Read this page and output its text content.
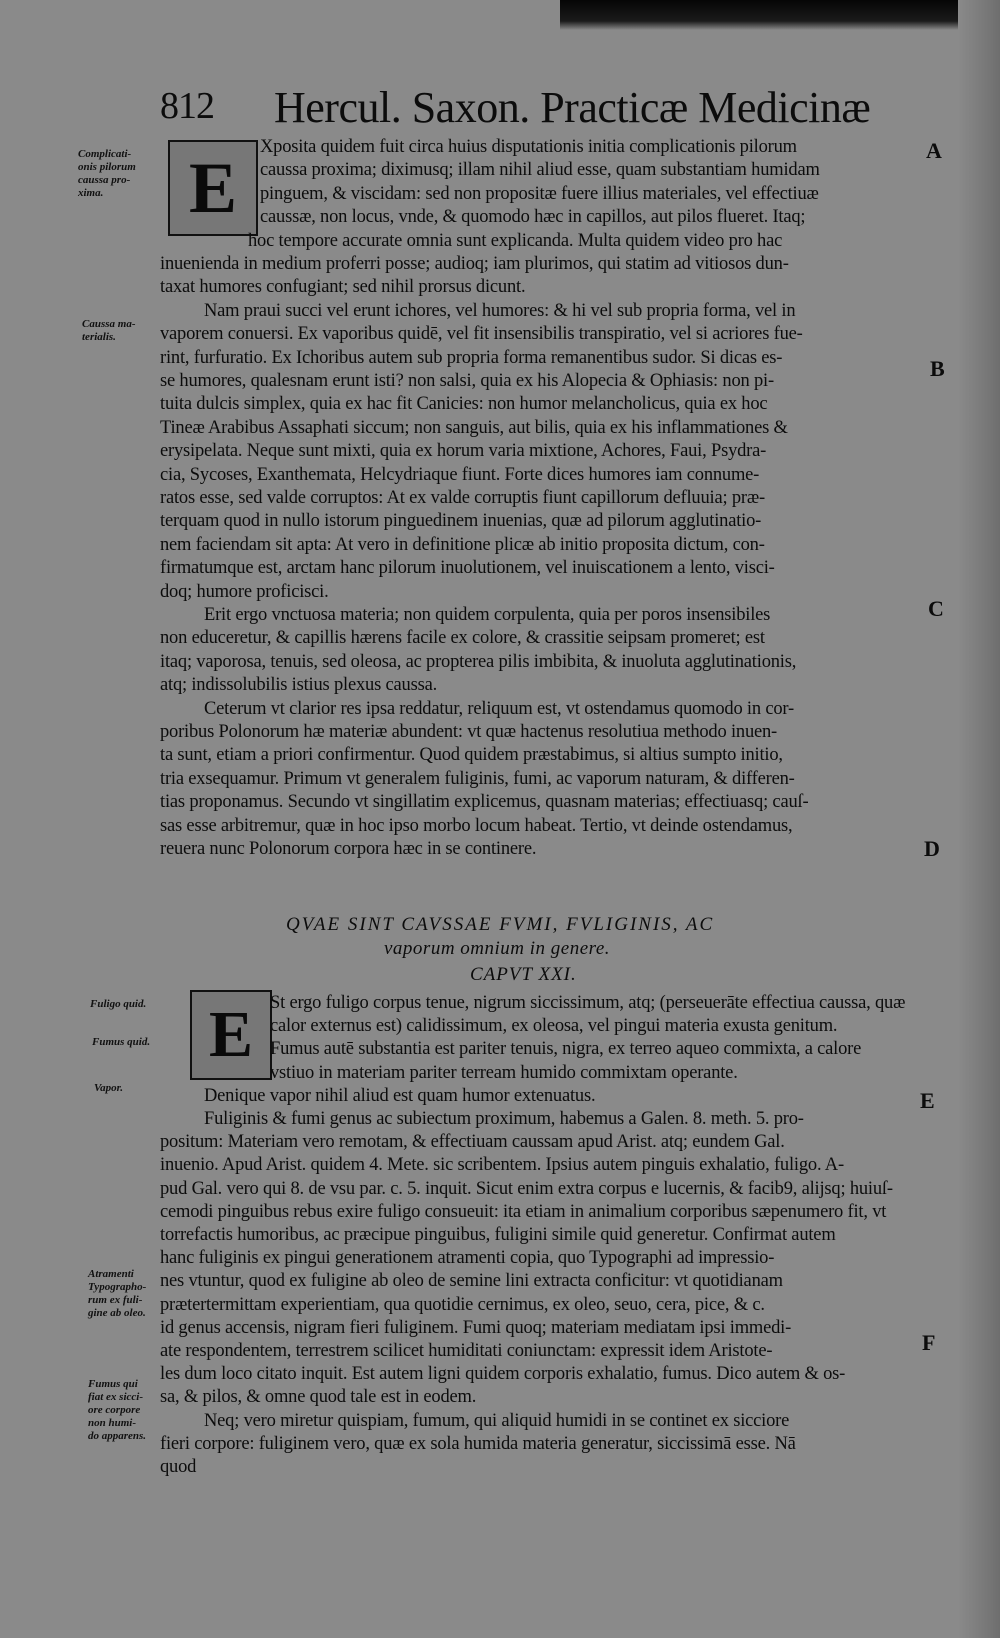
812 Hercul. Saxon. Practicæ Medicinæ
Complicati-
onis pilorum
caussa pro-
xima.
Caussa ma-
terialis.
Fuligo quid.
Fumus quid.
Vapor.
Atramenti
Typographo-
rum ex fuli-
gine ab oleo.
Fumus qui
fiat ex sicci-
ore corpore
non humi-
do apparens.
A
B
C
D
E
F
E
E
QVAE SINT CAVSSAE FVMI, FVLIGINIS, AC
vaporum omnium in genere.
CAPVT XXI.
Xposita quidem fuit circa huius disputationis initia complicationis pilorum
caussa proxima; diximusq; illam nihil aliud esse, quam substantiam humidam
pinguem, & viscidam: sed non propositæ fuere illius materiales, vel effectiuæ
caussæ, non locus, vnde, & quomodo hæc in capillos, aut pilos flueret. Itaq;
hoc tempore accurate omnia sunt explicanda. Multa quidem video pro hac
inuenienda in medium proferri posse; audioq; iam plurimos, qui statim ad vitiosos dun-
taxat humores confugiant; sed nihil prorsus dicunt.
Nam praui succi vel erunt ichores, vel humores: & hi vel sub propria forma, vel in
vaporem conuersi. Ex vaporibus quidē, vel fit insensibilis transpiratio, vel si acriores fue-
rint, furfuratio. Ex Ichoribus autem sub propria forma remanentibus sudor. Si dicas es-
se humores, qualesnam erunt isti? non salsi, quia ex his Alopecia & Ophiasis: non pi-
tuita dulcis simplex, quia ex hac fit Canicies: non humor melancholicus, quia ex hoc
Tineæ Arabibus Assaphati siccum; non sanguis, aut bilis, quia ex his inflammationes &
erysipelata. Neque sunt mixti, quia ex horum varia mixtione, Achores, Faui, Psydra-
cia, Sycoses, Exanthemata, Helcydriaque fiunt. Forte dices humores iam connume-
ratos esse, sed valde corruptos: At ex valde corruptis fiunt capillorum defluuia; præ-
terquam quod in nullo istorum pinguedinem inuenias, quæ ad pilorum agglutinatio-
nem faciendam sit apta: At vero in definitione plicæ ab initio proposita dictum, con-
firmatumque est, arctam hanc pilorum inuolutionem, vel inuiscationem a lento, visci-
doq; humore proficisci.
Erit ergo vnctuosa materia; non quidem corpulenta, quia per poros insensibiles
non educeretur, & capillis hærens facile ex colore, & crassitie seipsam promeret; est
itaq; vaporosa, tenuis, sed oleosa, ac propterea pilis imbibita, & inuoluta agglutinationis,
atq; indissolubilis istius plexus caussa.
Ceterum vt clarior res ipsa reddatur, reliquum est, vt ostendamus quomodo in cor-
poribus Polonorum hæ materiæ abundent: vt quæ hactenus resolutiua methodo inuen-
ta sunt, etiam a priori confirmentur. Quod quidem præstabimus, si altius sumpto initio,
tria exsequamur. Primum vt generalem fuliginis, fumi, ac vaporum naturam, & differen-
tias proponamus. Secundo vt singillatim explicemus, quasnam materias; effectiuasq; cauſ-
sas esse arbitremur, quæ in hoc ipso morbo locum habeat. Tertio, vt deinde ostendamus,
reuera nunc Polonorum corpora hæc in se continere.
St ergo fuligo corpus tenue, nigrum siccissimum, atq; (perseuerāte effectiua caussa, quæ
calor externus est) calidissimum, ex oleosa, vel pingui materia exusta genitum.
Fumus autē substantia est pariter tenuis, nigra, ex terreo aqueo commixta, a calore
vstiuo in materiam pariter terream humido commixtam operante.
Denique vapor nihil aliud est quam humor extenuatus.
Fuliginis & fumi genus ac subiectum proximum, habemus a Galen. 8. meth. 5. pro-
positum: Materiam vero remotam, & effectiuam caussam apud Arist. atq; eundem Gal.
inuenio. Apud Arist. quidem 4. Mete. sic scribentem. Ipsius autem pinguis exhalatio, fuligo. A-
pud Gal. vero qui 8. de vsu par. c. 5. inquit. Sicut enim extra corpus e lucernis, & facib9, alijsq; huiuſ-
cemodi pinguibus rebus exire fuligo consueuit: ita etiam in animalium corporibus sæpenumero fit, vt
torrefactis humoribus, ac præcipue pinguibus, fuligini simile quid generetur. Confirmat autem
hanc fuliginis ex pingui generationem atramenti copia, quo Typographi ad impressio-
nes vtuntur, quod ex fuligine ab oleo de semine lini extracta conficitur: vt quotidianam
prætertermittam experientiam, qua quotidie cernimus, ex oleo, seuo, cera, pice, & c.
id genus accensis, nigram fieri fuliginem. Fumi quoq; materiam mediatam ipsi immedi-
ate respondentem, terrestrem scilicet humiditati coniunctam: expressit idem Aristote-
les dum loco citato inquit. Est autem ligni quidem corporis exhalatio, fumus. Dico autem & os-
sa, & pilos, & omne quod tale est in eodem.
Neq; vero miretur quispiam, fumum, qui aliquid humidi in se continet ex sicciore
fieri corpore: fuliginem vero, quæ ex sola humida materia generatur, siccissimā esse. Nā
quod
